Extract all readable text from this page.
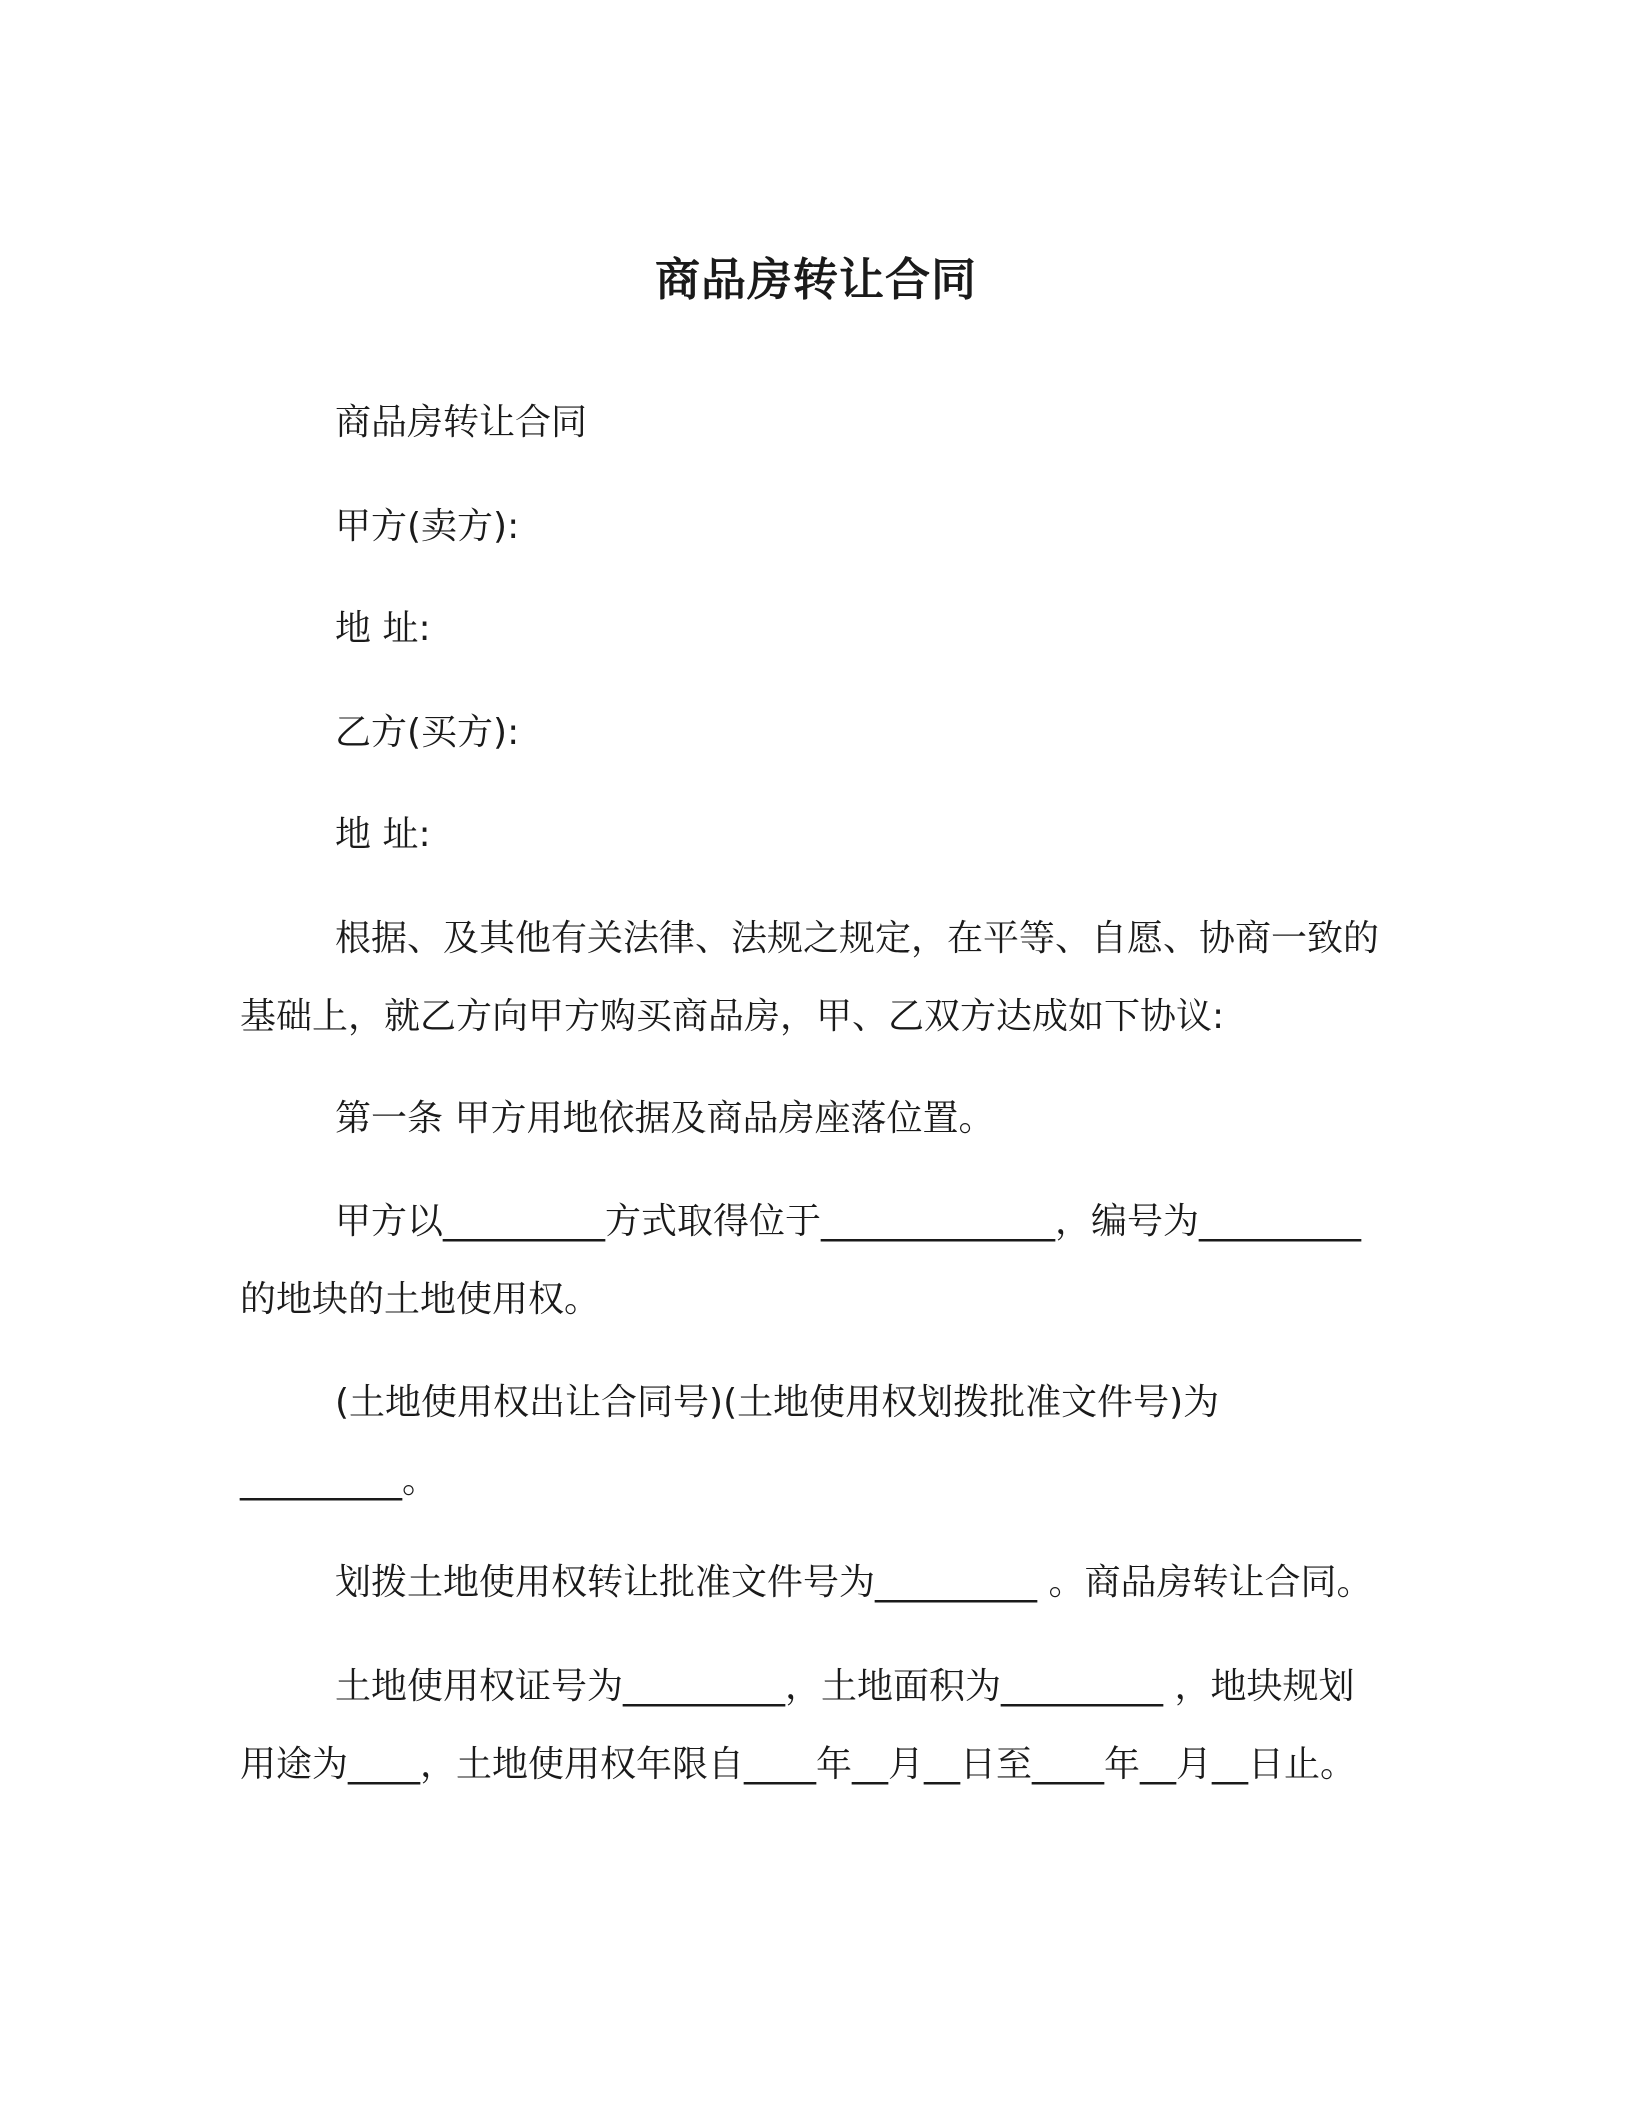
商品房转让合同

商品房转让合同

甲方(卖方):

地 址:

乙方(买方):

地 址:

根据、及其他有关法律、法规之规定，在平等、自愿、协商一致的基础上，就乙方向甲方购买商品房，甲、乙双方达成如下协议:

第一条 甲方用地依据及商品房座落位置。

甲方以_________方式取得位于_____________，编号为_________的地块的土地使用权。

(土地使用权出让合同号)(土地使用权划拨批准文件号)为_________。

划拨土地使用权转让批准文件号为_________ 。商品房转让合同。

土地使用权证号为_________，土地面积为_________ ，地块规划用途为____，土地使用权年限自____年__月__日至____年__月__日止。
